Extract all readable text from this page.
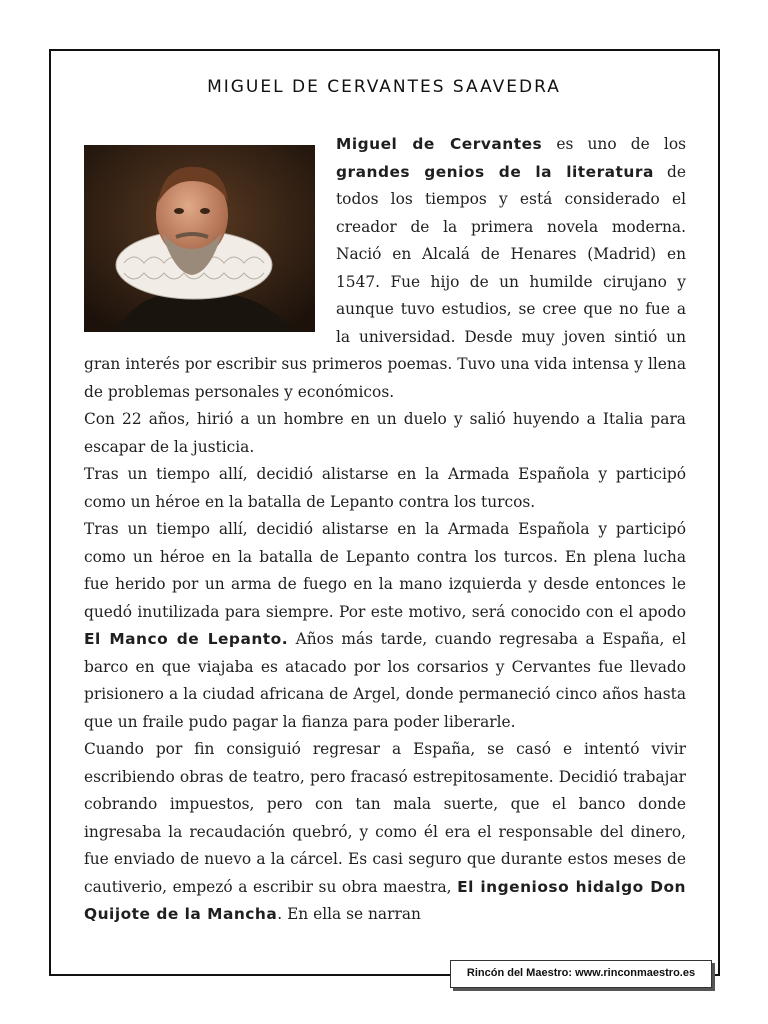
MIGUEL DE CERVANTES SAAVEDRA

Miguel de Cervantes es uno de los grandes genios de la literatura de todos los tiempos y está considerado el creador de la primera novela moderna. Nació en Alcalá de Henares (Madrid) en 1547. Fue hijo de un humilde cirujano y aunque tuvo estudios, se cree que no fue a la universidad. Desde muy joven sintió un gran interés por escribir sus primeros poemas. Tuvo una vida intensa y llena de problemas personales y económicos.

Con 22 años, hirió a un hombre en un duelo y salió huyendo a Italia para escapar de la justicia.

Tras un tiempo allí, decidió alistarse en la Armada Española y participó como un héroe en la batalla de Lepanto contra los turcos.

Tras un tiempo allí, decidió alistarse en la Armada Española y participó como un héroe en la batalla de Lepanto contra los turcos. En plena lucha fue herido por un arma de fuego en la mano izquierda y desde entonces le quedó inutilizada para siempre. Por este motivo, será conocido con el apodo El Manco de Lepanto. Años más tarde, cuando regresaba a España, el barco en que viajaba es atacado por los corsarios y Cervantes fue llevado prisionero a la ciudad africana de Argel, donde permaneció cinco años hasta que un fraile pudo pagar la fianza para poder liberarle.

Cuando por fin consiguió regresar a España, se casó e intentó vivir escribiendo obras de teatro, pero fracasó estrepitosamente. Decidió trabajar cobrando impuestos, pero con tan mala suerte, que el banco donde ingresaba la recaudación quebró, y como él era el responsable del dinero, fue enviado de nuevo a la cárcel. Es casi seguro que durante estos meses de cautiverio, empezó a escribir su obra maestra, El ingenioso hidalgo Don Quijote de la Mancha. En ella se narran

Rincón del Maestro: www.rinconmaestro.es
